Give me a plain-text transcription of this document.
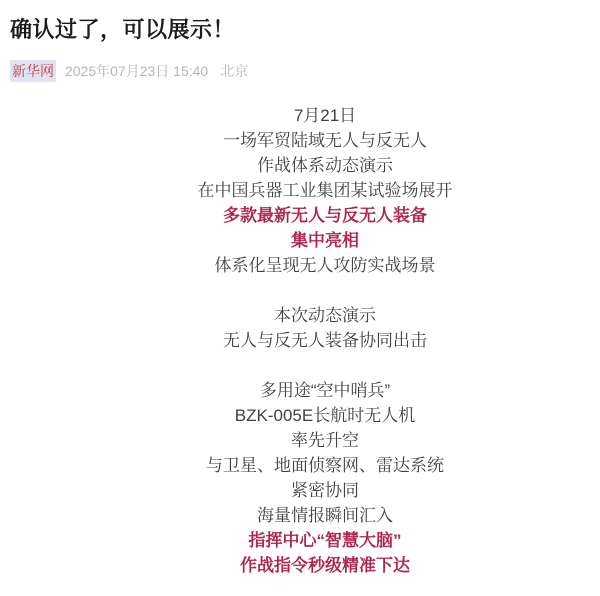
确认过了，可以展示！
新华网 2025年07月23日 15:40 北京
7月21日
一场军贸陆域无人与反无人
作战体系动态演示
在中国兵器工业集团某试验场展开
多款最新无人与反无人装备
集中亮相
体系化呈现无人攻防实战场景
本次动态演示
无人与反无人装备协同出击
多用途“空中哨兵”
BZK-005E长航时无人机
率先升空
与卫星、地面侦察网、雷达系统
紧密协同
海量情报瞬间汇入
指挥中心“智慧大脑”
作战指令秒级精准下达
